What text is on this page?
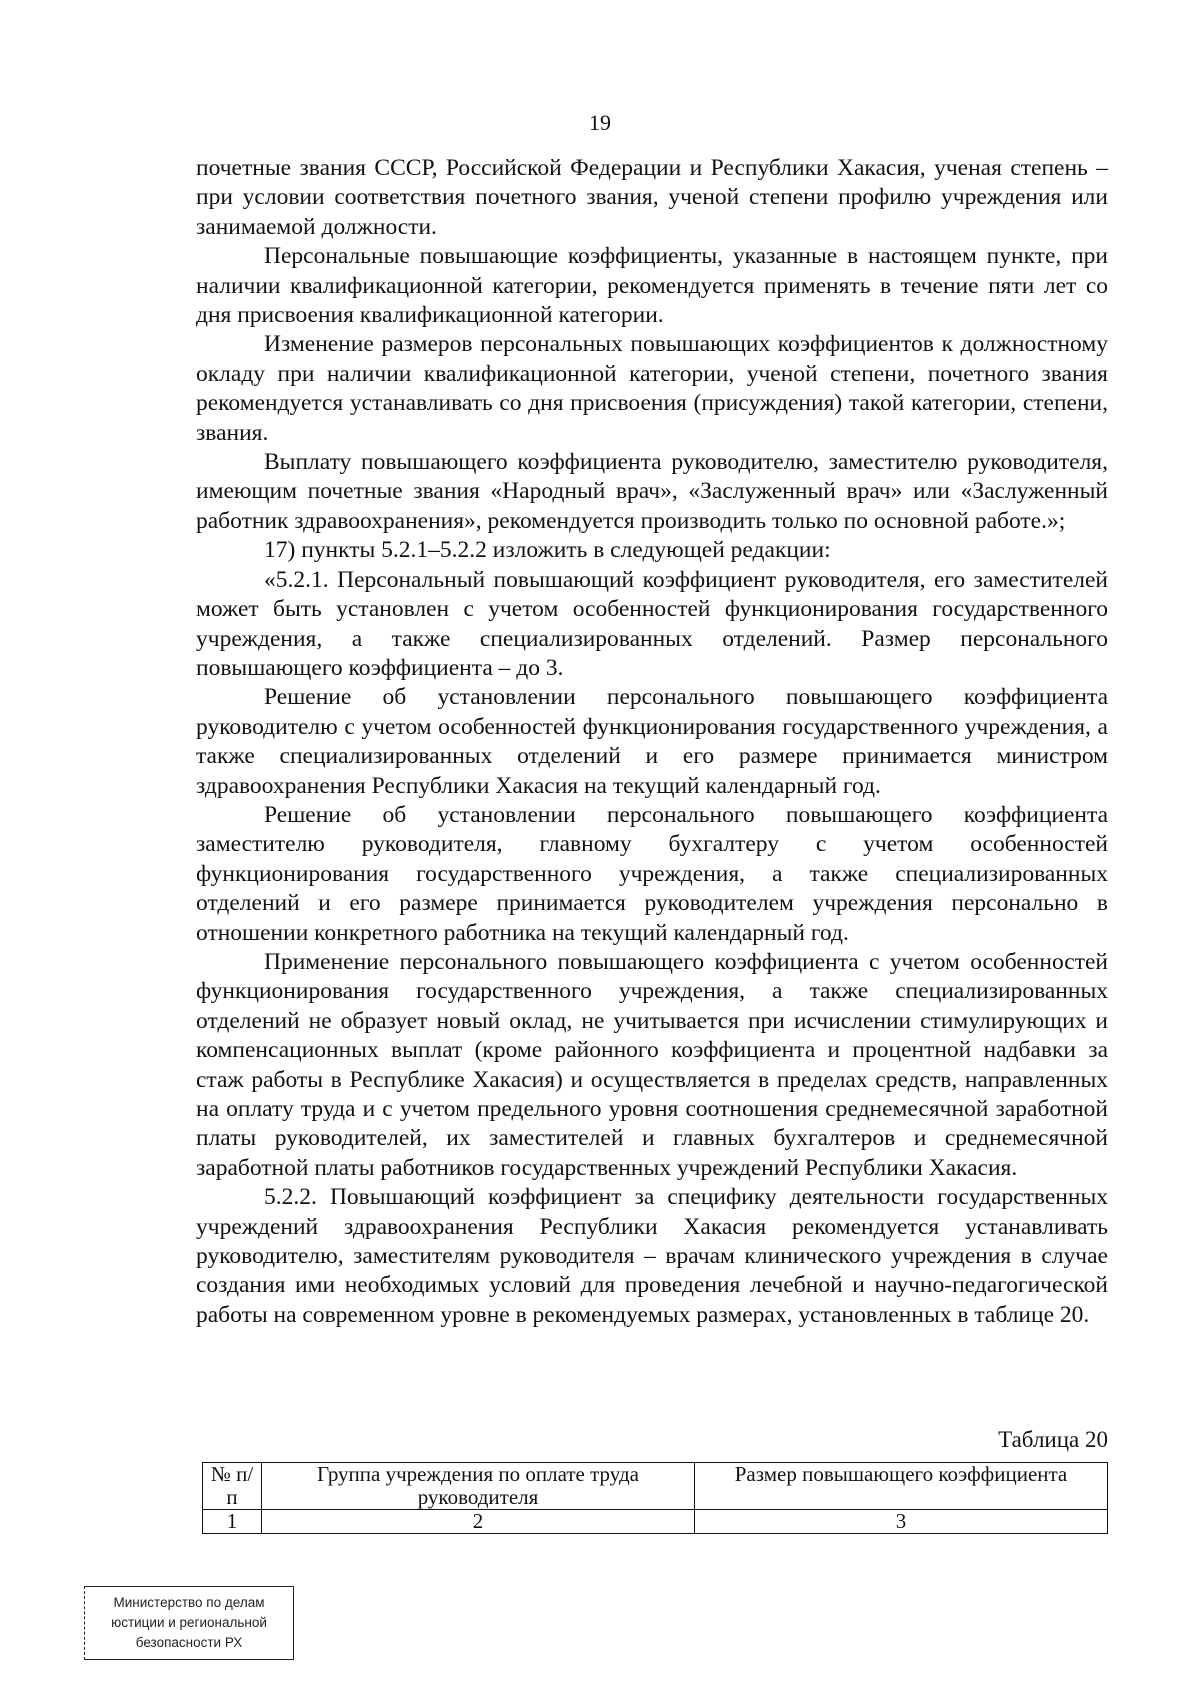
19

почетные звания СССР, Российской Федерации и Республики Хакасия, ученая степень – при условии соответствия почетного звания, ученой степени профилю учреждения или занимаемой должности.

Персональные повышающие коэффициенты, указанные в настоящем пункте, при наличии квалификационной категории, рекомендуется применять в течение пяти лет со дня присвоения квалификационной категории.

Изменение размеров персональных повышающих коэффициентов к должностному окладу при наличии квалификационной категории, ученой степени, почетного звания рекомендуется устанавливать со дня присвоения (присуждения) такой категории, степени, звания.

Выплату повышающего коэффициента руководителю, заместителю руководителя, имеющим почетные звания «Народный врач», «Заслуженный врач» или «Заслуженный работник здравоохранения», рекомендуется производить только по основной работе.»;

17) пункты 5.2.1–5.2.2 изложить в следующей редакции:

«5.2.1. Персональный повышающий коэффициент руководителя, его заместителей может быть установлен с учетом особенностей функционирования государственного учреждения, а также специализированных отделений. Размер персонального повышающего коэффициента – до 3.

Решение об установлении персонального повышающего коэффициента руководителю с учетом особенностей функционирования государственного учреждения, а также специализированных отделений и его размере принимается министром здравоохранения Республики Хакасия на текущий календарный год.

Решение об установлении персонального повышающего коэффициента заместителю руководителя, главному бухгалтеру с учетом особенностей функционирования государственного учреждения, а также специализированных отделений и его размере принимается руководителем учреждения персонально в отношении конкретного работника на текущий календарный год.

Применение персонального повышающего коэффициента с учетом особенностей функционирования государственного учреждения, а также специализированных отделений не образует новый оклад, не учитывается при исчислении стимулирующих и компенсационных выплат (кроме районного коэффициента и процентной надбавки за стаж работы в Республике Хакасия) и осуществляется в пределах средств, направленных на оплату труда и с учетом предельного уровня соотношения среднемесячной заработной платы руководителей, их заместителей и главных бухгалтеров и среднемесячной заработной платы работников государственных учреждений Республики Хакасия.

5.2.2. Повышающий коэффициент за специфику деятельности государственных учреждений здравоохранения Республики Хакасия рекомендуется устанавливать руководителю, заместителям руководителя – врачам клинического учреждения в случае создания ими необходимых условий для проведения лечебной и научно-педагогической работы на современном уровне в рекомендуемых размерах, установленных в таблице 20.

Таблица 20
№ п/п	Группа учреждения по оплате труда руководителя	Размер повышающего коэффициента
1	2	3
Министерство по делам
юстиции и региональной
безопасности РХ
